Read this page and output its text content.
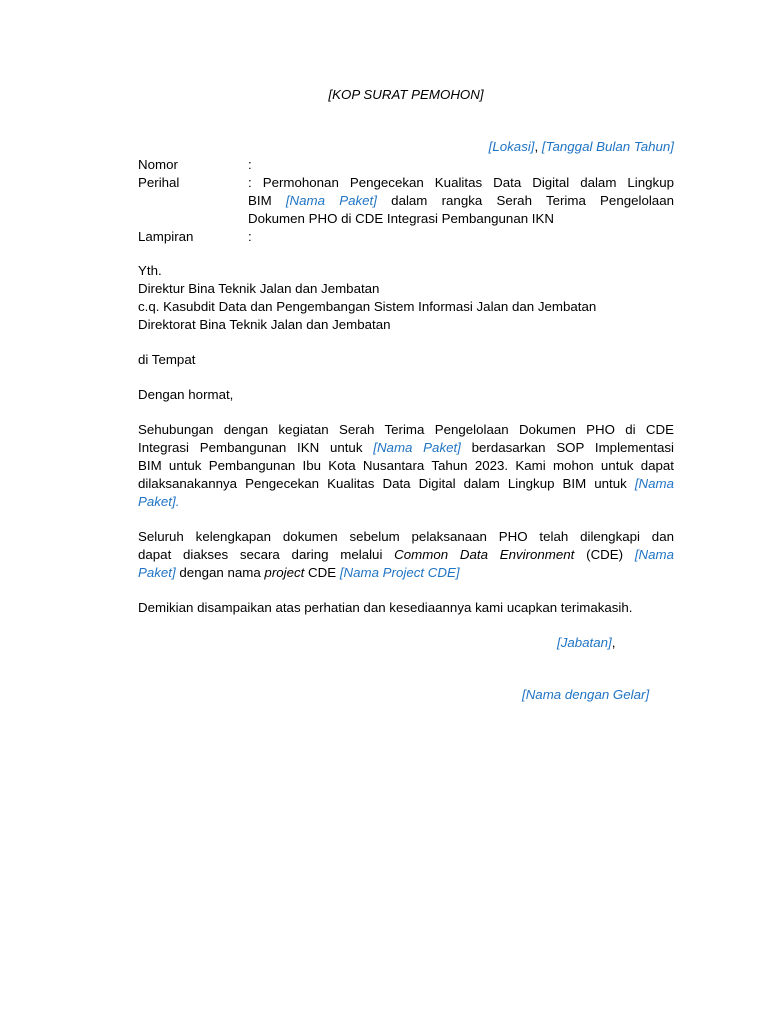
[KOP SURAT PEMOHON]
[Lokasi], [Tanggal Bulan Tahun]
Nomor	:
Perihal	: Permohonan Pengecekan Kualitas Data Digital dalam Lingkup
BIM [Nama Paket] dalam rangka Serah Terima Pengelolaan
Dokumen PHO di CDE Integrasi Pembangunan IKN
Lampiran	:
Yth.
Direktur Bina Teknik Jalan dan Jembatan
c.q. Kasubdit Data dan Pengembangan Sistem Informasi Jalan dan Jembatan
Direktorat Bina Teknik Jalan dan Jembatan
di Tempat
Dengan hormat,
Sehubungan dengan kegiatan Serah Terima Pengelolaan Dokumen PHO di CDE
Integrasi Pembangunan IKN untuk [Nama Paket] berdasarkan SOP Implementasi
BIM untuk Pembangunan Ibu Kota Nusantara Tahun 2023. Kami mohon untuk dapat
dilaksanakannya Pengecekan Kualitas Data Digital dalam Lingkup BIM untuk [Nama
Paket].
Seluruh kelengkapan dokumen sebelum pelaksanaan PHO telah dilengkapi dan
dapat diakses secara daring melalui Common Data Environment (CDE) [Nama
Paket] dengan nama project CDE [Nama Project CDE]
Demikian disampaikan atas perhatian dan kesediaannya kami ucapkan terimakasih.
[Jabatan],
[Nama dengan Gelar]
